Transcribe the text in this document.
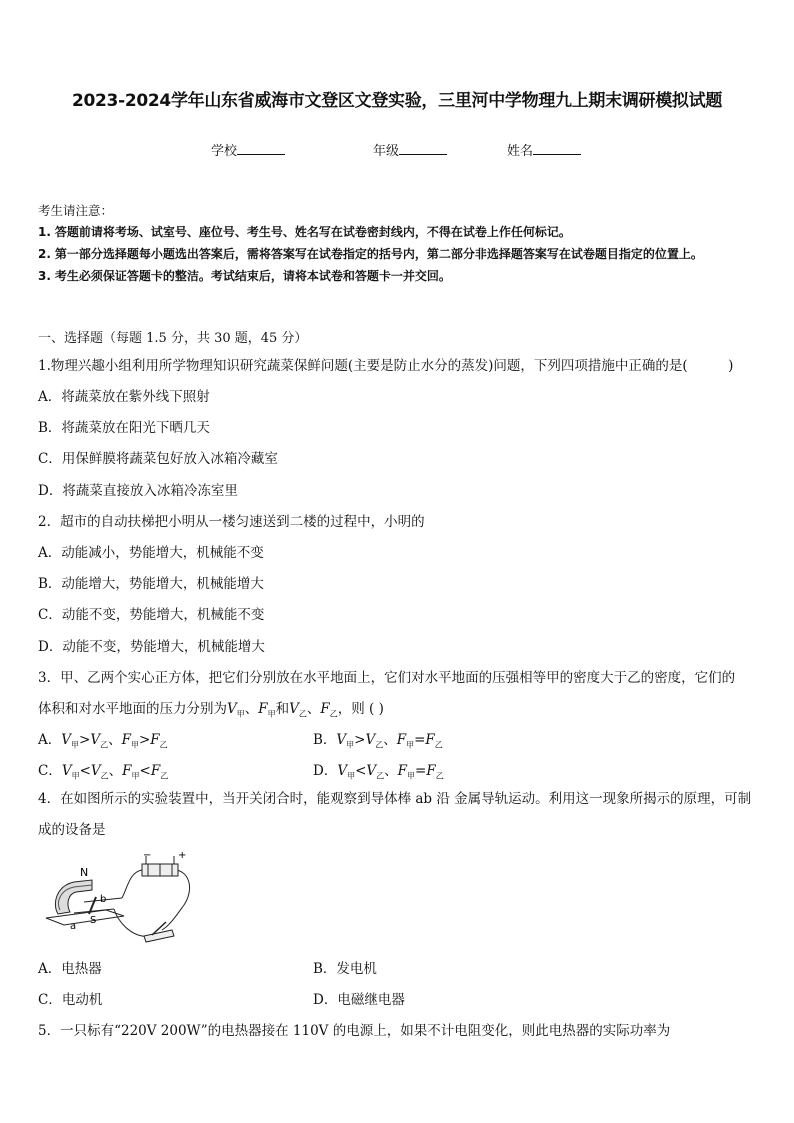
2023-2024学年山东省威海市文登区文登实验，三里河中学物理九上期末调研模拟试题
学校	年级	姓名
考生请注意：
1. 答题前请将考场、试室号、座位号、考生号、姓名写在试卷密封线内，不得在试卷上作任何标记。
2. 第一部分选择题每小题选出答案后，需将答案写在试卷指定的括号内，第二部分非选择题答案写在试卷题目指定的位置上。
3. 考生必须保证答题卡的整洁。考试结束后，请将本试卷和答题卡一并交回。
一、选择题（每题 1.5 分，共 30 题，45 分）
1.物理兴趣小组利用所学物理知识研究蔬菜保鲜问题(主要是防止水分的蒸发)问题，下列四项措施中正确的是(　　　)
A．将蔬菜放在紫外线下照射
B．将蔬菜放在阳光下晒几天
C．用保鲜膜将蔬菜包好放入冰箱冷藏室
D．将蔬菜直接放入冰箱冷冻室里
2．超市的自动扶梯把小明从一楼匀速送到二楼的过程中，小明的
A．动能减小，势能增大，机械能不变
B．动能增大，势能增大，机械能增大
C．动能不变，势能增大，机械能不变
D．动能不变，势能增大，机械能增大
3．甲、乙两个实心正方体，把它们分别放在水平地面上，它们对水平地面的压强相等甲的密度大于乙的密度，它们的
体积和对水平地面的压力分别为$V_甲$、$F_甲$和$V_乙$、$F_乙$，则 ( )
A．$V_甲>V_乙$、$F_甲>F_乙$	B．$V_甲>V_乙$、$F_甲=F_乙$
C．$V_甲<V_乙$、$F_甲<F_乙$	D．$V_甲<V_乙$、$F_甲=F_乙$
4．在如图所示的实验装置中，当开关闭合时，能观察到导体棒 ab 沿 金属导轨运动。利用这一现象所揭示的原理，可制成的设备是
N
S
a
b
−	+
A．电热器	B．发电机
C．电动机	D．电磁继电器
5．一只标有“220V 200W”的电热器接在 110V 的电源上，如果不计电阻变化，则此电热器的实际功率为
